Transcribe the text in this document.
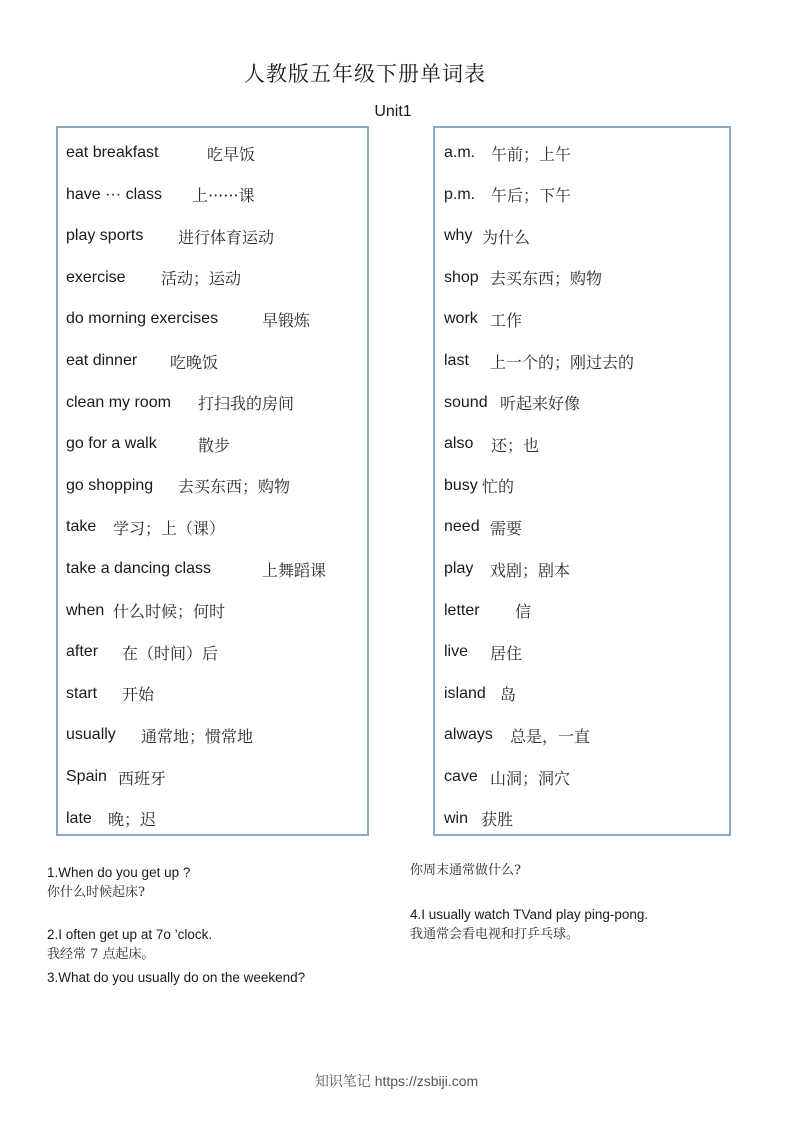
人教版五年级下册单词表
Unit1
eat breakfast	吃早饭
have ··· class	上······课
play sports	进行体育运动
exercise	活动；运动
do morning exercises	早锻炼
eat dinner	吃晚饭
clean my room	打扫我的房间
go for a walk	散步
go shopping	去买东西；购物
take	学习；上（课）
take a dancing class	上舞蹈课
when 什么时候；何时
after	在（时间）后
start	开始
usually	通常地；惯常地
Spain 西班牙
late	晚；迟
a.m. 午前；上午
p.m. 午后；下午
why 为什么
shop 去买东西；购物
work 工作
last	上一个的；刚过去的
sound 听起来好像
also	还；也
busy 忙的
need 需要
play	戏剧；剧本
letter	信
live	居住
island 岛
always	总是，一直
cave 山洞；洞穴
win 获胜
1.When do you get up ?
你什么时候起床?
2.I often get up at 7o ’clock.
我经常 7 点起床。
3.What do you usually do on the weekend?
你周末通常做什么?
4.I usually watch TVand play ping-pong.
我通常会看电视和打乒乓球。
知识笔记 https://zsbiji.com
